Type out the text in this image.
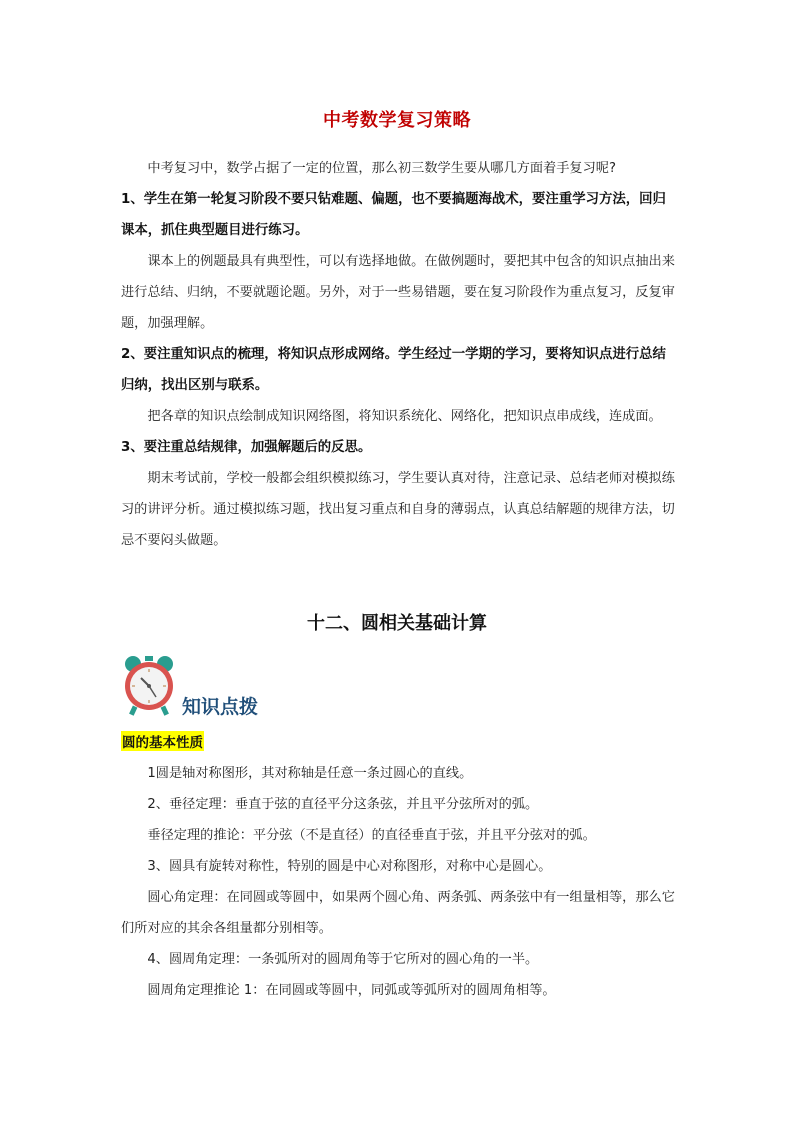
中考数学复习策略

中考复习中，数学占据了一定的位置，那么初三数学生要从哪几方面着手复习呢?

1、学生在第一轮复习阶段不要只钻难题、偏题，也不要搞题海战术，要注重学习方法，回归课本，抓住典型题目进行练习。

课本上的例题最具有典型性，可以有选择地做。在做例题时，要把其中包含的知识点抽出来进行总结、归纳，不要就题论题。另外，对于一些易错题，要在复习阶段作为重点复习，反复审题，加强理解。

2、要注重知识点的梳理，将知识点形成网络。学生经过一学期的学习，要将知识点进行总结归纳，找出区别与联系。

把各章的知识点绘制成知识网络图，将知识系统化、网络化，把知识点串成线，连成面。

3、要注重总结规律，加强解题后的反思。

期末考试前，学校一般都会组织模拟练习，学生要认真对待，注意记录、总结老师对模拟练习的讲评分析。通过模拟练习题，找出复习重点和自身的薄弱点，认真总结解题的规律方法，切忌不要闷头做题。

十二、圆相关基础计算
知识点拨
圆的基本性质

1圆是轴对称图形，其对称轴是任意一条过圆心的直线。

2、垂径定理：垂直于弦的直径平分这条弦，并且平分弦所对的弧。

垂径定理的推论：平分弦（不是直径）的直径垂直于弦，并且平分弦对的弧。

3、圆具有旋转对称性，特别的圆是中心对称图形，对称中心是圆心。

圆心角定理：在同圆或等圆中，如果两个圆心角、两条弧、两条弦中有一组量相等，那么它们所对应的其余各组量都分别相等。

4、圆周角定理：一条弧所对的圆周角等于它所对的圆心角的一半。

圆周角定理推论 1：在同圆或等圆中，同弧或等弧所对的圆周角相等。
